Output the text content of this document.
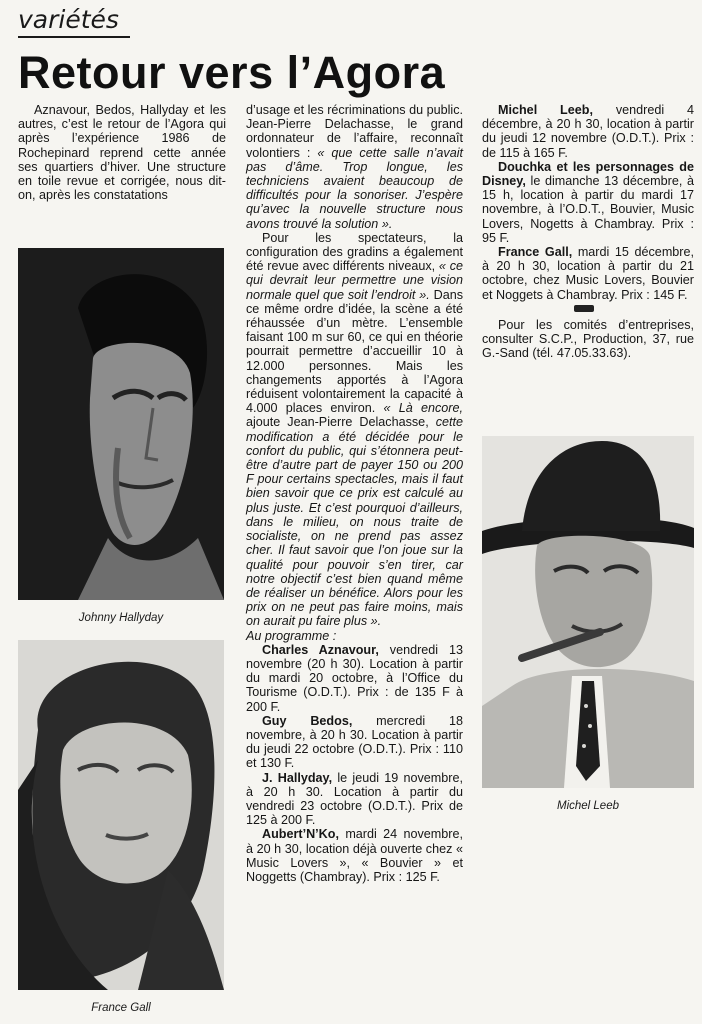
variétés
Retour vers l’Agora

Aznavour, Bedos, Hallyday et les autres, c’est le retour de l’Agora qui après l’expérience 1986 de Rochepinard reprend cette année ses quartiers d’hiver. Une structure en toile revue et corrigée, nous dit-on, après les constatations

Johnny Hallyday
France Gall

d’usage et les récriminations du public. Jean-Pierre Delachasse, le grand ordonnateur de l’affaire, reconnaît volontiers : « que cette salle n’avait pas d’âme. Trop longue, les techniciens avaient beaucoup de difficultés pour la sonoriser. J’espère qu’avec la nouvelle structure nous avons trouvé la solution ».

Pour les spectateurs, la configuration des gradins a également été revue avec différents niveaux, « ce qui devrait leur permettre une vision normale quel que soit l’endroit ». Dans ce même ordre d’idée, la scène a été réhaussée d’un mètre. L’ensemble faisant 100 m sur 60, ce qui en théorie pourrait permettre d’accueillir 10 à 12.000 personnes. Mais les changements apportés à l’Agora réduisent volontairement la capacité à 4.000 places environ. « Là encore, ajoute Jean-Pierre Delachasse, cette modification a été décidée pour le confort du public, qui s’étonnera peut-être d’autre part de payer 150 ou 200 F pour certains spectacles, mais il faut bien savoir que ce prix est calculé au plus juste. Et c’est pourquoi d’ailleurs, dans le milieu, on nous traite de socialiste, on ne prend pas assez cher. Il faut savoir que l’on joue sur la qualité pour pouvoir s’en tirer, car notre objectif c’est bien quand même de réaliser un bénéfice. Alors pour les prix on ne peut pas faire moins, mais on aurait pu faire plus ».

Au programme :

Charles Aznavour, vendredi 13 novembre (20 h 30). Location à partir du mardi 20 octobre, à l’Office du Tourisme (O.D.T.). Prix : de 135 F à 200 F.

Guy Bedos, mercredi 18 novembre, à 20 h 30. Location à partir du jeudi 22 octobre (O.D.T.). Prix : 110 et 130 F.

J. Hallyday, le jeudi 19 novembre, à 20 h 30. Location à partir du vendredi 23 octobre (O.D.T.). Prix de 125 à 200 F.

Aubert’N’Ko, mardi 24 novembre, à 20 h 30, location déjà ouverte chez « Music Lovers », « Bouvier » et Noggetts (Chambray). Prix : 125 F.

Michel Leeb, vendredi 4 décembre, à 20 h 30, location à partir du jeudi 12 novembre (O.D.T.). Prix : de 115 à 165 F.

Douchka et les personnages de Disney, le dimanche 13 décembre, à 15 h, location à partir du mardi 17 novembre, à l’O.D.T., Bouvier, Music Lovers, Nogetts à Chambray. Prix : 95 F.

France Gall, mardi 15 décembre, à 20 h 30, location à partir du 21 octobre, chez Music Lovers, Bouvier et Noggets à Chambray. Prix : 145 F.

Pour les comités d’entreprises, consulter S.C.P., Production, 37, rue G.-Sand (tél. 47.05.33.63).

Michel Leeb
